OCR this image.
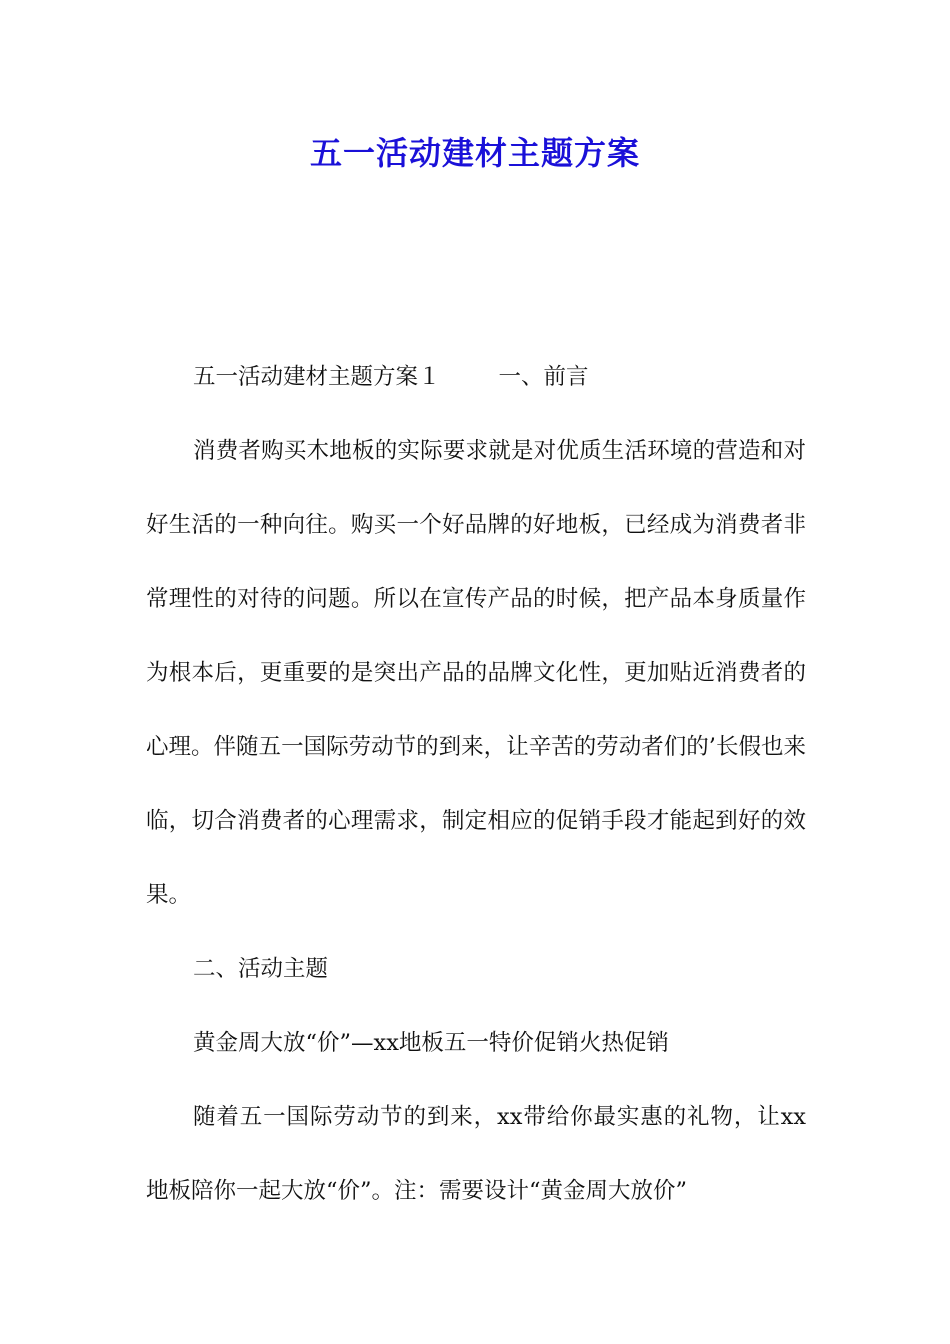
五一活动建材主题方案

五一活动建材主题方案１	一、前言

消费者购买木地板的实际要求就是对优质生活环境的营造和对好生活的一种向往。购买一个好品牌的好地板，已经成为消费者非常理性的对待的问题。所以在宣传产品的时候，把产品本身质量作为根本后，更重要的是突出产品的品牌文化性，更加贴近消费者的心理。伴随五一国际劳动节的到来，让辛苦的劳动者们的’长假也来临，切合消费者的心理需求，制定相应的促销手段才能起到好的效果。

二、活动主题

黄金周大放“价”—xx地板五一特价促销火热促销

随着五一国际劳动节的到来，xx带给你最实惠的礼物，让xx地板陪你一起大放“价”。注：需要设计“黄金周大放价”
